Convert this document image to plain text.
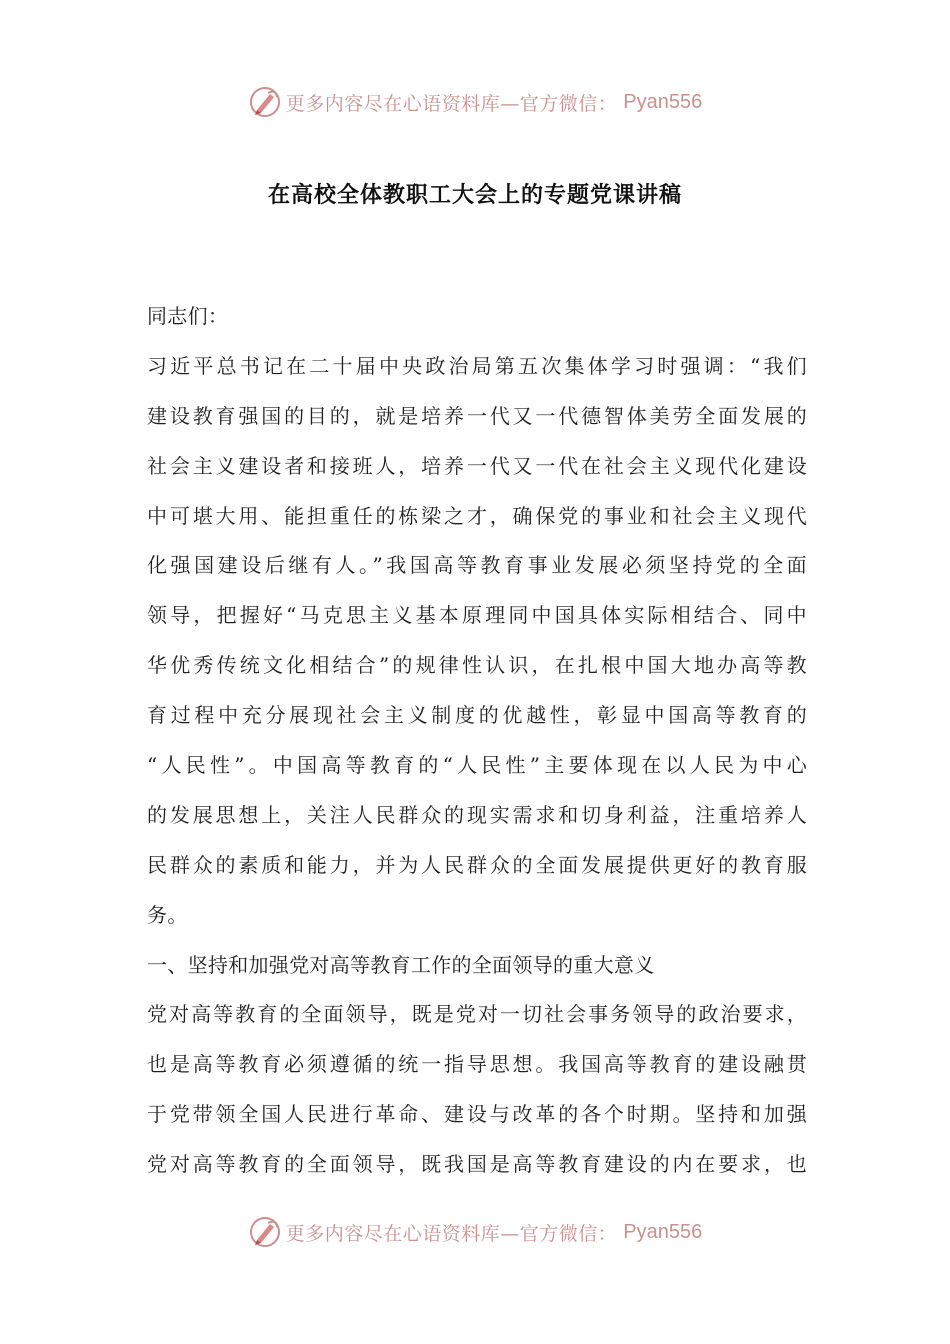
更多内容尽在心语资料库—官方微信： Pyan556
在高校全体教职工大会上的专题党课讲稿
同志们：
习近平总书记在二十届中央政治局第五次集体学习时强调：“我们
建设教育强国的目的，就是培养一代又一代德智体美劳全面发展的
社会主义建设者和接班人，培养一代又一代在社会主义现代化建设
中可堪大用、能担重任的栋梁之才，确保党的事业和社会主义现代
化强国建设后继有人。”我国高等教育事业发展必须坚持党的全面
领导，把握好“马克思主义基本原理同中国具体实际相结合、同中
华优秀传统文化相结合”的规律性认识，在扎根中国大地办高等教
育过程中充分展现社会主义制度的优越性，彰显中国高等教育的
“人民性”。中国高等教育的“人民性”主要体现在以人民为中心
的发展思想上，关注人民群众的现实需求和切身利益，注重培养人
民群众的素质和能力，并为人民群众的全面发展提供更好的教育服
务。
一、坚持和加强党对高等教育工作的全面领导的重大意义
党对高等教育的全面领导，既是党对一切社会事务领导的政治要求，
也是高等教育必须遵循的统一指导思想。我国高等教育的建设融贯
于党带领全国人民进行革命、建设与改革的各个时期。坚持和加强
党对高等教育的全面领导，既我国是高等教育建设的内在要求，也
更多内容尽在心语资料库—官方微信： Pyan556
